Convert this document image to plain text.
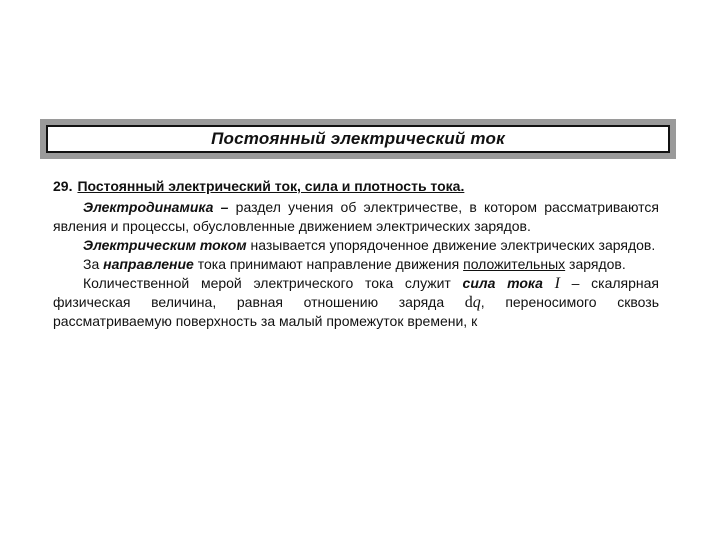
Постоянный электрический ток
29. Постоянный электрический ток, сила и плотность тока.
Электродинамика – раздел учения об электричестве, в котором рассматриваются явления и процессы, обусловленные движением электрических зарядов.
Электрическим током называется упорядоченное движение электрических зарядов.
За направление тока принимают направление движения положительных зарядов.
Количественной мерой электрического тока служит сила тока I – скалярная физическая величина, равная отношению заряда dq, переносимого сквозь рассматриваемую поверхность за малый промежуток времени, к
